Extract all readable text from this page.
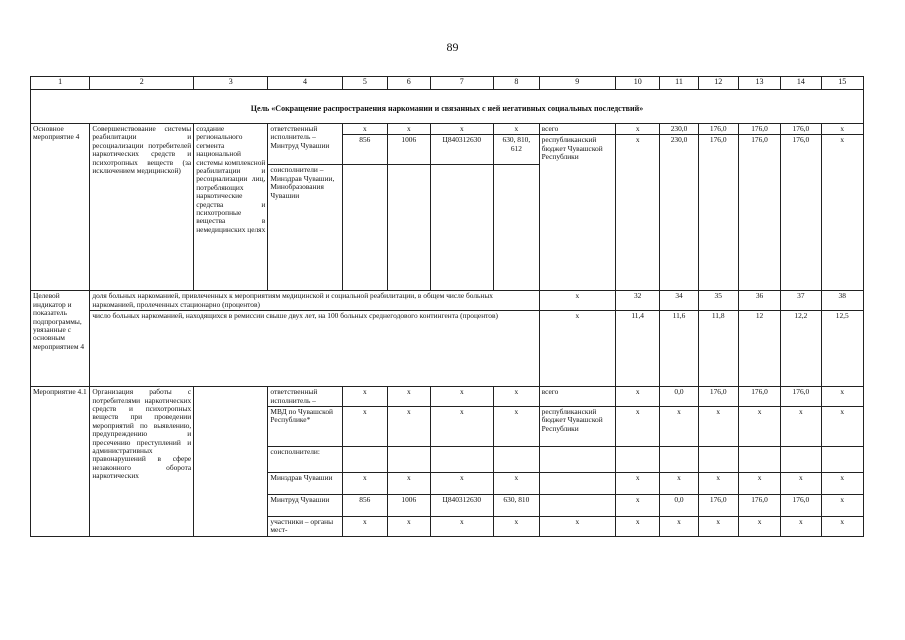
89
1	2	3	4	5	6	7	8	9	10	11	12	13	14	15
Цель «Сокращение распространения наркомании и связанных с ней негативных социальных последствий»														
Основное мероприятие 4	Совершенствование системы реабилитации и ресоциализации потребителей наркотических средств и психотропных веществ (за исключением медицинской)	создание регионального сегмента национальной системы комплексной реабилитации и ресоциализации лиц, потребляющих наркотические средства и психотропные вещества в немедицинских целях	ответственный исполнитель – Минтруд Чувашии	x	x	x	x	всего	x	230,0	176,0	176,0	176,0	x
				856	1006	Ц840312630	630, 810, 612	республиканский бюджет Чувашской Республики	x	230,0	176,0	176,0	176,0	x
			соисполнители – Минздрав Чувашии, Минобразования Чувашии											
Целевой индикатор и показатель подпрограммы, увязанные с основным мероприятием 4	доля больных наркоманией, привлеченных к мероприятиям медицинской и социальной реабилитации, в общем числе больных наркоманией, пролеченных стационарно (процентов)							x	32	34	35	36	37	38
	число больных наркоманией, находящихся в ремиссии свыше двух лет, на 100 больных среднегодового контингента (процентов)							x	11,4	11,6	11,8	12	12,2	12,5
Мероприятие 4.1	Организация работы с потребителями наркотических средств и психотропных веществ при проведении мероприятий по выявлению, предупреждению и пресечению преступлений и административных правонарушений в сфере незаконного оборота наркотических		ответственный исполнитель –	x	x	x	x	всего	x	0,0	176,0	176,0	176,0	x
			МВД по Чувашской Республике*	x	x	x	x	республиканский бюджет Чувашской Республики	x	x	x	x	x	x
			соисполнители:											
			Минздрав Чувашии	x	x	x	x		x	x	x	x	x	x
			Минтруд Чувашии	856	1006	Ц840312630	630, 810		x	0,0	176,0	176,0	176,0	x
			участники – органы мест-	x	x	x	x	x	x	x	x	x	x	x
